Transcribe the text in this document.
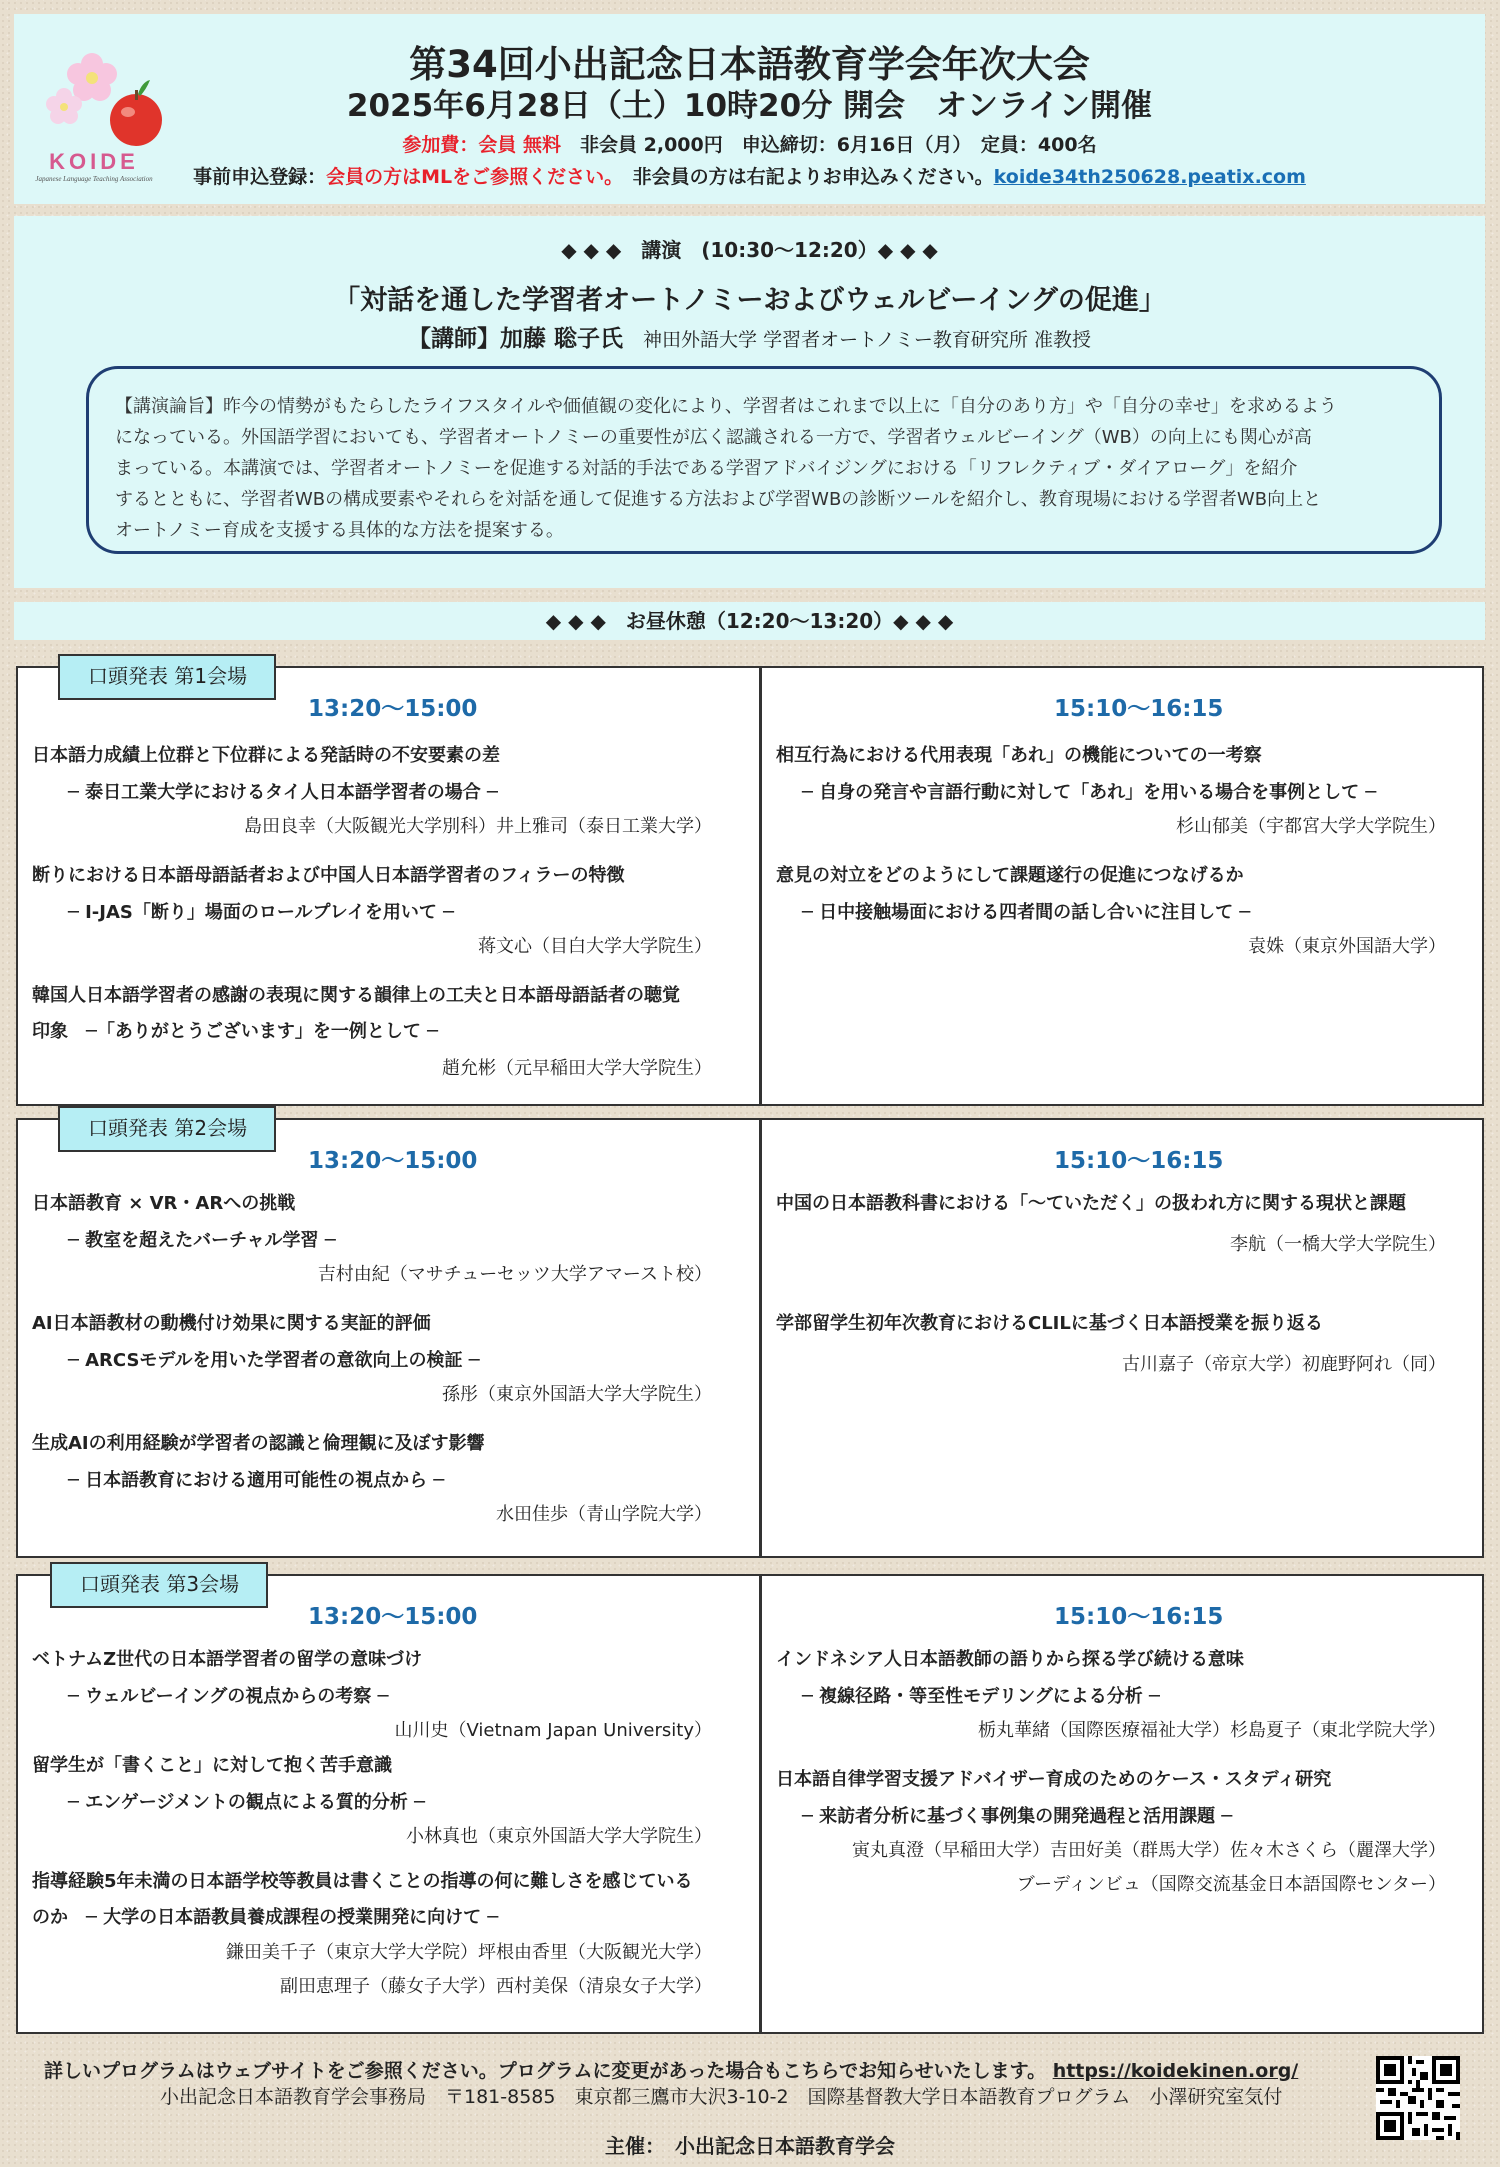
KOIDE
Japanese Language Teaching Association
第34回小出記念日本語教育学会年次大会
2025年6月28日（土）10時20分 開会　オンライン開催
参加費：会員 無料　非会員 2,000円　申込締切：6月16日（月）　定員：400名
事前申込登録：会員の方はMLをご参照ください。　非会員の方は右記よりお申込みください。koide34th250628.peatix.com
◆ ◆ ◆　講演　(10:30～12:20）◆ ◆ ◆
「対話を通した学習者オートノミーおよびウェルビーイングの促進」
【講師】加藤 聡子氏 神田外語大学 学習者オートノミー教育研究所 准教授
【講演論旨】昨今の情勢がもたらしたライフスタイルや価値観の変化により、学習者はこれまで以上に「自分のあり方」や「自分の幸せ」を求めるよう
になっている。外国語学習においても、学習者オートノミーの重要性が広く認識される一方で、学習者ウェルビーイング（WB）の向上にも関心が高
まっている。本講演では、学習者オートノミーを促進する対話的手法である学習アドバイジングにおける「リフレクティブ・ダイアローグ」を紹介
するとともに、学習者WBの構成要素やそれらを対話を通して促進する方法および学習WBの診断ツールを紹介し、教育現場における学習者WB向上と
オートノミー育成を支援する具体的な方法を提案する。
◆ ◆ ◆　お昼休憩（12:20～13:20）◆ ◆ ◆
口頭発表 第1会場
13:20～15:00
日本語力成績上位群と下位群による発話時の不安要素の差
─ 泰日工業大学におけるタイ人日本語学習者の場合 ─
島田良幸（大阪観光大学別科）井上雅司（泰日工業大学）
断りにおける日本語母語話者および中国人日本語学習者のフィラーの特徴
─ I-JAS「断り」場面のロールプレイを用いて ─
蒋文心（目白大学大学院生）
韓国人日本語学習者の感謝の表現に関する韻律上の工夫と日本語母語話者の聴覚
印象　─「ありがとうございます」を一例として ─
趙允彬（元早稲田大学大学院生）
15:10～16:15
相互行為における代用表現「あれ」の機能についての一考察
─ 自身の発言や言語行動に対して「あれ」を用いる場合を事例として ─
杉山郁美（宇都宮大学大学院生）
意見の対立をどのようにして課題遂行の促進につなげるか
─ 日中接触場面における四者間の話し合いに注目して ─
袁姝（東京外国語大学）
口頭発表 第2会場
13:20～15:00
日本語教育 × VR・ARへの挑戦
─ 教室を超えたバーチャル学習 ─
吉村由紀（マサチューセッツ大学アマースト校）
AI日本語教材の動機付け効果に関する実証的評価
─ ARCSモデルを用いた学習者の意欲向上の検証 ─
孫彤（東京外国語大学大学院生）
生成AIの利用経験が学習者の認識と倫理観に及ぼす影響
─ 日本語教育における適用可能性の視点から ─
水田佳歩（青山学院大学）
15:10～16:15
中国の日本語教科書における「～ていただく」の扱われ方に関する現状と課題
李航（一橋大学大学院生）
学部留学生初年次教育におけるCLILに基づく日本語授業を振り返る
古川嘉子（帝京大学）初鹿野阿れ（同）
口頭発表 第3会場
13:20～15:00
ベトナムZ世代の日本語学習者の留学の意味づけ
─ ウェルビーイングの視点からの考察 ─
山川史（Vietnam Japan University）
留学生が「書くこと」に対して抱く苦手意識
─ エンゲージメントの観点による質的分析 ─
小林真也（東京外国語大学大学院生）
指導経験5年未満の日本語学校等教員は書くことの指導の何に難しさを感じている
のか　─ 大学の日本語教員養成課程の授業開発に向けて ─
鎌田美千子（東京大学大学院）坪根由香里（大阪観光大学）
副田恵理子（藤女子大学）西村美保（清泉女子大学）
15:10～16:15
インドネシア人日本語教師の語りから探る学び続ける意味
─ 複線径路・等至性モデリングによる分析 ─
栃丸華緒（国際医療福祉大学）杉島夏子（東北学院大学）
日本語自律学習支援アドバイザー育成のためのケース・スタディ研究
─ 来訪者分析に基づく事例集の開発過程と活用課題 ─
寅丸真澄（早稲田大学）吉田好美（群馬大学）佐々木さくら（麗澤大学）
ブーディンビュ（国際交流基金日本語国際センター）
詳しいプログラムはウェブサイトをご参照ください。プログラムに変更があった場合もこちらでお知らせいたします。 https://koidekinen.org/
小出記念日本語教育学会事務局　〒181-8585　東京都三鷹市大沢3-10-2　国際基督教大学日本語教育プログラム　小澤研究室気付
主催：　小出記念日本語教育学会
